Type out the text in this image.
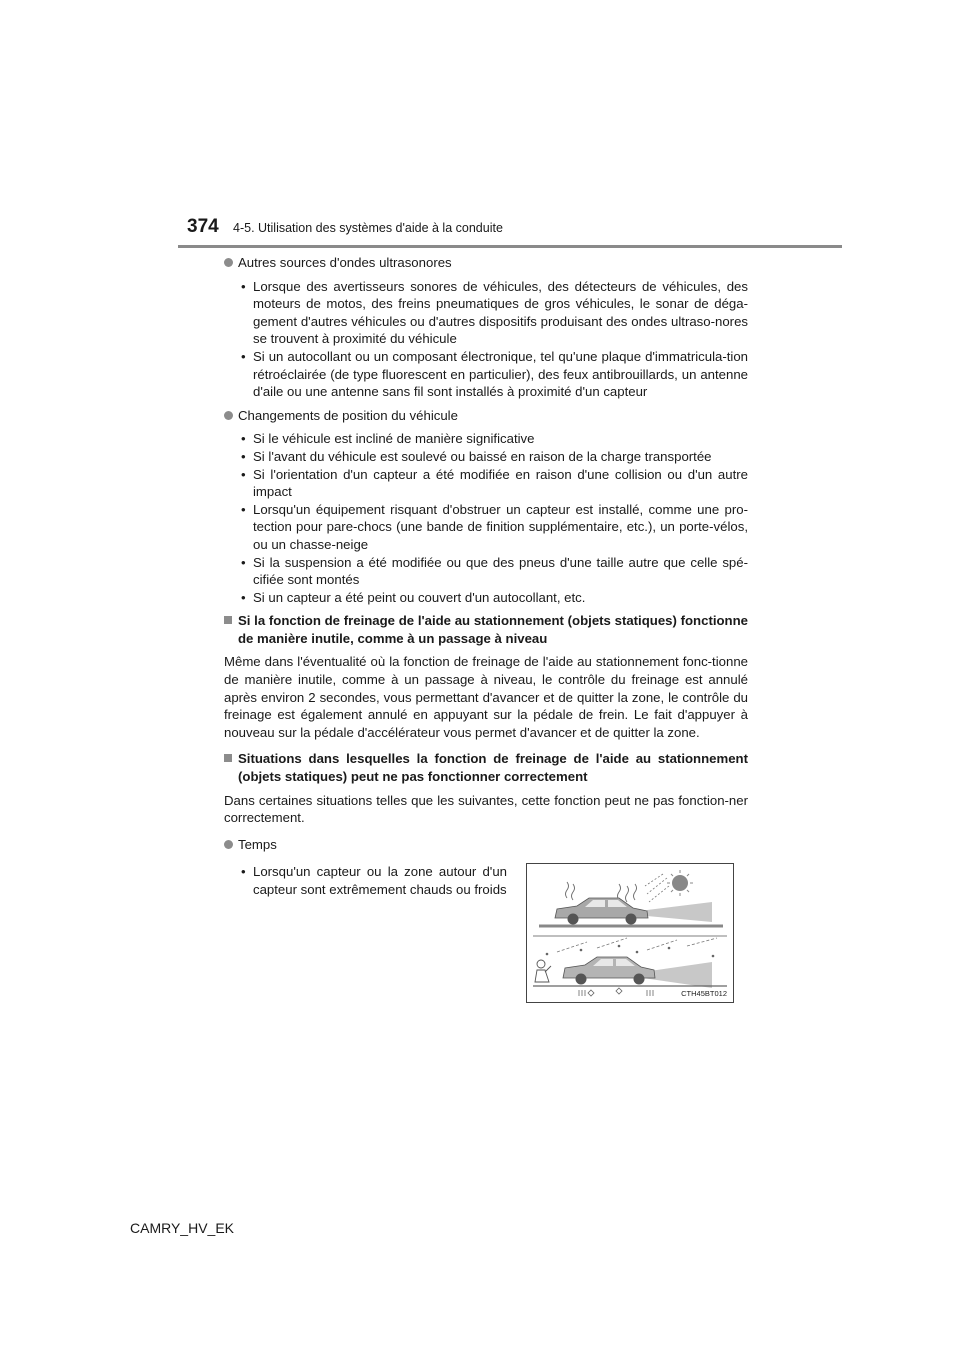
374 4-5. Utilisation des systèmes d'aide à la conduite

Autres sources d'ondes ultrasonores

• Lorsque des avertisseurs sonores de véhicules, des détecteurs de véhicules, des moteurs de motos, des freins pneumatiques de gros véhicules, le sonar de déga-gement d'autres véhicules ou d'autres dispositifs produisant des ondes ultraso-nores se trouvent à proximité du véhicule
• Si un autocollant ou un composant électronique, tel qu'une plaque d'immatricula-tion rétroéclairée (de type fluorescent en particulier), des feux antibrouillards, un antenne d'aile ou une antenne sans fil sont installés à proximité d'un capteur

Changements de position du véhicule

• Si le véhicule est incliné de manière significative
• Si l'avant du véhicule est soulevé ou baissé en raison de la charge transportée
• Si l'orientation d'un capteur a été modifiée en raison d'une collision ou d'un autre impact
• Lorsqu'un équipement risquant d'obstruer un capteur est installé, comme une pro-tection pour pare-chocs (une bande de finition supplémentaire, etc.), un porte-vélos, ou un chasse-neige
• Si la suspension a été modifiée ou que des pneus d'une taille autre que celle spé-cifiée sont montés
• Si un capteur a été peint ou couvert d'un autocollant, etc.

Si la fonction de freinage de l'aide au stationnement (objets statiques) fonctionne de manière inutile, comme à un passage à niveau

Même dans l'éventualité où la fonction de freinage de l'aide au stationnement fonc-tionne de manière inutile, comme à un passage à niveau, le contrôle du freinage est annulé après environ 2 secondes, vous permettant d'avancer et de quitter la zone, le contrôle du freinage est également annulé en appuyant sur la pédale de frein. Le fait d'appuyer à nouveau sur la pédale d'accélérateur vous permet d'avancer et de quitter la zone.

Situations dans lesquelles la fonction de freinage de l'aide au stationnement (objets statiques) peut ne pas fonctionner correctement

Dans certaines situations telles que les suivantes, cette fonction peut ne pas fonction-ner correctement.

Temps

• Lorsqu'un capteur ou la zone autour d'un capteur sont extrêmement chauds ou froids
CTH45BT012
CAMRY_HV_EK
